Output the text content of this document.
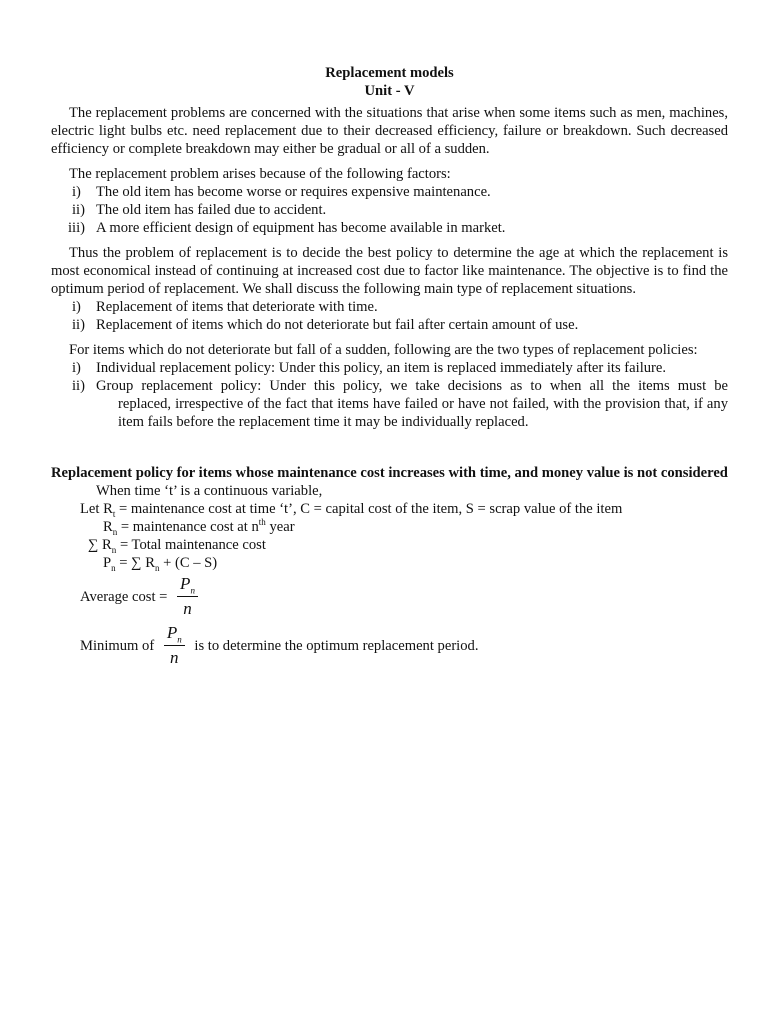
Replacement models
Unit - V

The replacement problems are concerned with the situations that arise when some items such as men, machines, electric light bulbs etc. need replacement due to their decreased efficiency, failure or breakdown. Such decreased efficiency or complete breakdown may either be gradual or all of a sudden.

The replacement problem arises because of the following factors:

i)	The old item has become worse or requires expensive maintenance.
ii) The old item has failed due to accident.
iii) A more efficient design of equipment has become available in market.

Thus the problem of replacement is to decide the best policy to determine the age at which the replacement is most economical instead of continuing at increased cost due to factor like maintenance. The objective is to find the optimum period of replacement. We shall discuss the following main type of replacement situations.

i)	Replacement of items that deteriorate with time.
ii) Replacement of items which do not deteriorate but fail after certain amount of use.

For items which do not deteriorate but fall of a sudden, following are the two types of replacement policies:

i)	Individual replacement policy: Under this policy, an item is replaced immediately after its failure.
ii) Group replacement policy: Under this policy, we take decisions as to when all the items must be
replaced, irrespective of the fact that items have failed or have not failed, with the provision that, if any item fails before the replacement time it may be individually replaced.

Replacement policy for items whose maintenance cost increases with time, and money value is not considered

When time ‘t’ is a continuous variable,
Let $R_t$ = maintenance cost at time ‘t’, C = capital cost of the item, S = scrap value of the item
$R_n$ = maintenance cost at $n^{th}$ year
∑ $R_n$ = Total maintenance cost
$P_n$ = ∑ $R_n + (C - S)$
Average $\cos t = \frac{P_n}{n}$
Minimum of $\frac{P_n}{n}$ is to determine the optimum replacement period.
